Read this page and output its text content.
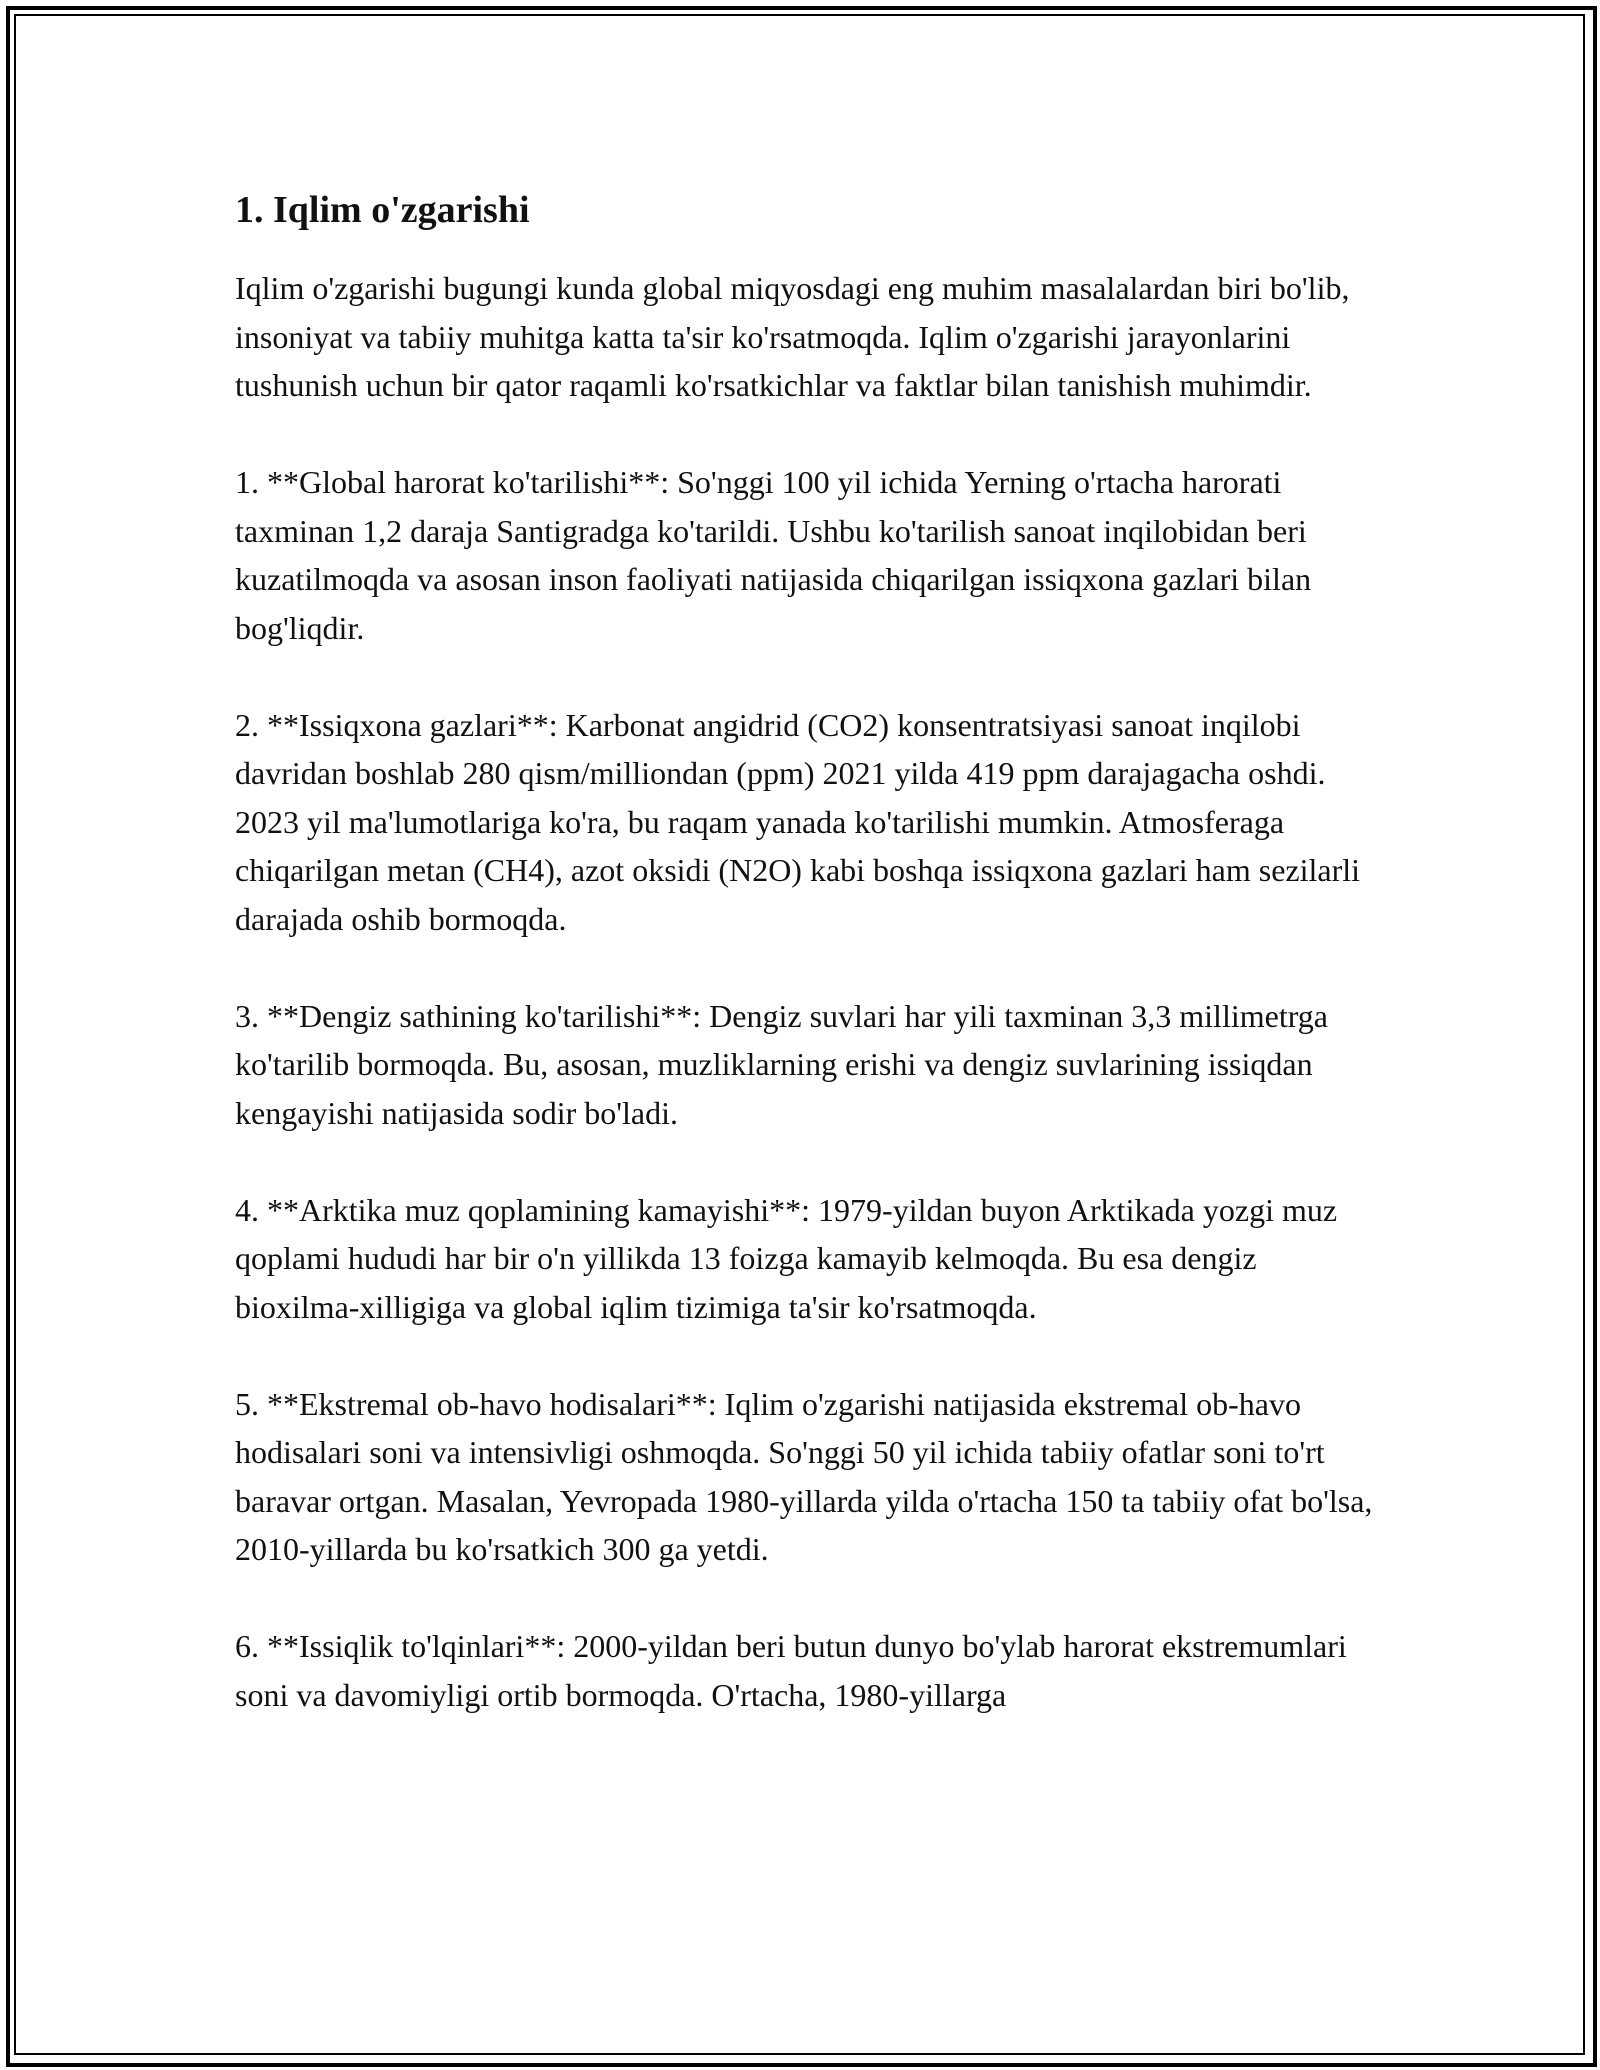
1. Iqlim o'zgarishi

Iqlim o'zgarishi bugungi kunda global miqyosdagi eng muhim masalalardan biri bo'lib, insoniyat va tabiiy muhitga katta ta'sir ko'rsatmoqda. Iqlim o'zgarishi jarayonlarini tushunish uchun bir qator raqamli ko'rsatkichlar va faktlar bilan tanishish muhimdir.

1. **Global harorat ko'tarilishi**: So'nggi 100 yil ichida Yerning o'rtacha harorati taxminan 1,2 daraja Santigradga ko'tarildi. Ushbu ko'tarilish sanoat inqilobidan beri kuzatilmoqda va asosan inson faoliyati natijasida chiqarilgan issiqxona gazlari bilan bog'liqdir.

2. **Issiqxona gazlari**: Karbonat angidrid (CO2) konsentratsiyasi sanoat inqilobi davridan boshlab 280 qism/milliondan (ppm) 2021 yilda 419 ppm darajagacha oshdi. 2023 yil ma'lumotlariga ko'ra, bu raqam yanada ko'tarilishi mumkin. Atmosferaga chiqarilgan metan (CH4), azot oksidi (N2O) kabi boshqa issiqxona gazlari ham sezilarli darajada oshib bormoqda.

3. **Dengiz sathining ko'tarilishi**: Dengiz suvlari har yili taxminan 3,3 millimetrga ko'tarilib bormoqda. Bu, asosan, muzliklarning erishi va dengiz suvlarining issiqdan kengayishi natijasida sodir bo'ladi.

4. **Arktika muz qoplamining kamayishi**: 1979-yildan buyon Arktikada yozgi muz qoplami hududi har bir o'n yillikda 13 foizga kamayib kelmoqda. Bu esa dengiz bioxilma-xilligiga va global iqlim tizimiga ta'sir ko'rsatmoqda.

5. **Ekstremal ob-havo hodisalari**: Iqlim o'zgarishi natijasida ekstremal ob-havo hodisalari soni va intensivligi oshmoqda. So'nggi 50 yil ichida tabiiy ofatlar soni to'rt baravar ortgan. Masalan, Yevropada 1980-yillarda yilda o'rtacha 150 ta tabiiy ofat bo'lsa, 2010-yillarda bu ko'rsatkich 300 ga yetdi.

6. **Issiqlik to'lqinlari**: 2000-yildan beri butun dunyo bo'ylab harorat ekstremumlari soni va davomiyligi ortib bormoqda. O'rtacha, 1980-yillarga
